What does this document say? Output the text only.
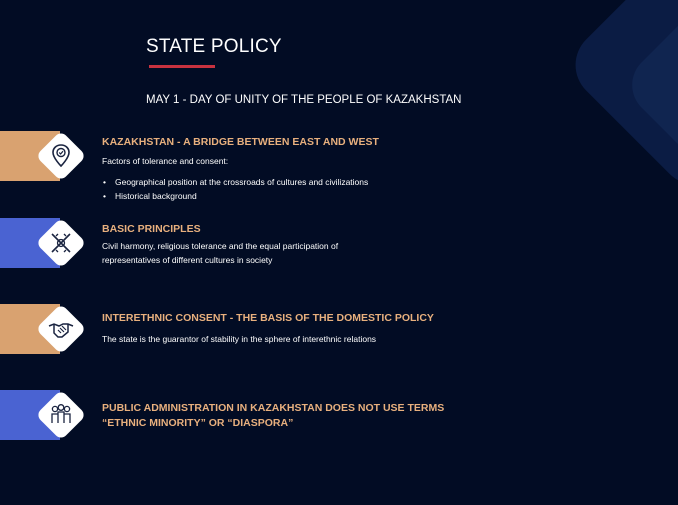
STATE POLICY
MAY 1 - DAY OF UNITY OF THE PEOPLE OF KAZAKHSTAN
KAZAKHSTAN - A BRIDGE BETWEEN EAST AND WEST
Factors of tolerance and consent:
• Geographical position at the crossroads of cultures and civilizations
• Historical background
BASIC PRINCIPLES
Civil harmony, religious tolerance and the equal participation of
representatives of different cultures in society
INTERETHNIC CONSENT - THE BASIS OF THE DOMESTIC POLICY
The state is the guarantor of stability in the sphere of interethnic relations
PUBLIC ADMINISTRATION IN KAZAKHSTAN DOES NOT USE TERMS
“ETHNIC MINORITY” OR “DIASPORA”
